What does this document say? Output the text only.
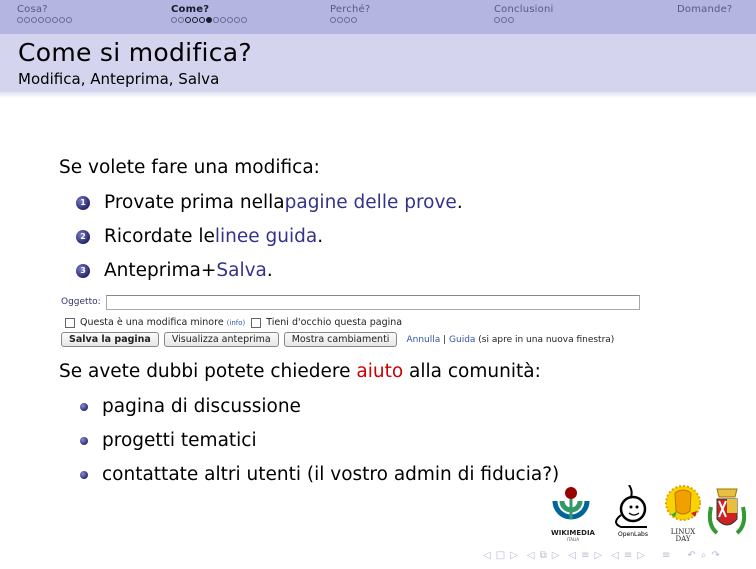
Cosa?	Come?	Perché?	Conclusioni	Domande?
Come si modifica?
Modifica, Anteprima, Salva
Se volete fare una modifica:
1 Provate prima nella pagine delle prove .
2 Ricordate le linee guida .
3 Anteprima+ Salva .
Oggetto:
Questa è una modifica minore (info) Tieni d'occhio questa pagina
Salva la pagina	Visualizza anteprima	Mostra cambiamenti	Annulla | Guida (si apre in una nuova finestra)
Se avete dubbi potete chiedere aiuto alla comunità:
pagina di discussione
progetti tematici
contattate altri utenti (il vostro admin di fiducia?)
WIKIMEDIA
ITALIA
OpenLabs	LINUX DAY
◁ □ ▷ ◁ ⧉ ▷ ◁ ≡ ▷ ◁ ≡ ▷ ≡ ↶ ⌕ ↷
